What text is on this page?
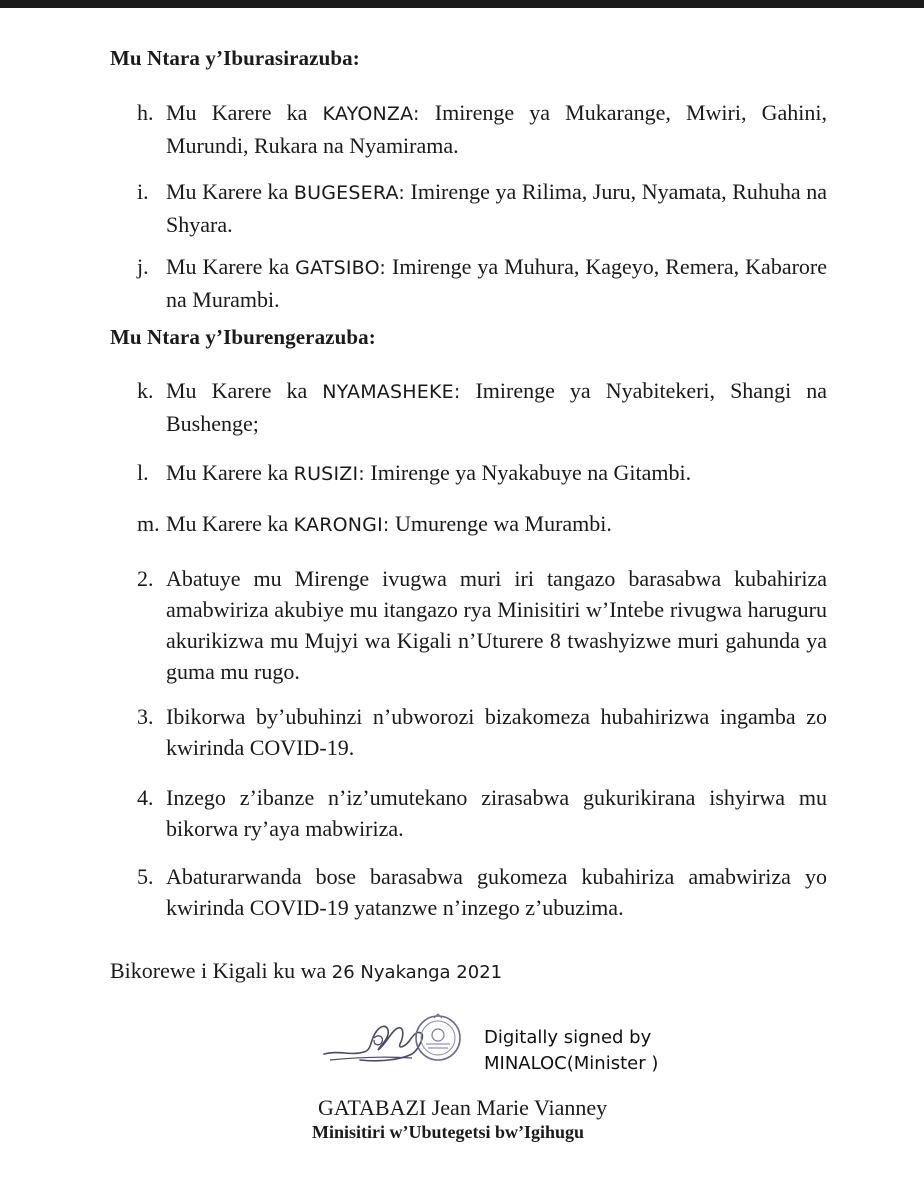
Mu Ntara y’Iburasirazuba:
h. Mu Karere ka KAYONZA: Imirenge ya Mukarange, Mwiri, Gahini, Murundi, Rukara na Nyamirama.
i. Mu Karere ka BUGESERA: Imirenge ya Rilima, Juru, Nyamata, Ruhuha na Shyara.
j. Mu Karere ka GATSIBO: Imirenge ya Muhura, Kageyo, Remera, Kabarore na Murambi.
Mu Ntara y’Iburengerazuba:
k. Mu Karere ka NYAMASHEKE: Imirenge ya Nyabitekeri, Shangi na Bushenge;
l. Mu Karere ka RUSIZI: Imirenge ya Nyakabuye na Gitambi.
m. Mu Karere ka KARONGI: Umurenge wa Murambi.
2. Abatuye mu Mirenge ivugwa muri iri tangazo barasabwa kubahiriza amabwiriza akubiye mu itangazo rya Minisitiri w’Intebe rivugwa haruguru akurikizwa mu Mujyi wa Kigali n’Uturere 8 twashyizwe muri gahunda ya guma mu rugo.
3. Ibikorwa by’ubuhinzi n’ubworozi bizakomeza hubahirizwa ingamba zo kwirinda COVID-19.
4. Inzego z’ibanze n’iz’umutekano zirasabwa gukurikirana ishyirwa mu bikorwa ry’aya mabwiriza.
5. Abaturarwanda bose barasabwa gukomeza kubahiriza amabwiriza yo kwirinda COVID-19 yatanzwe n’inzego z’ubuzima.
Bikorewe i Kigali ku wa 26 Nyakanga 2021
Digitally signed by
MINALOC(Minister )
GATABAZI Jean Marie Vianney
Minisitiri w’Ubutegetsi bw’Igihugu
